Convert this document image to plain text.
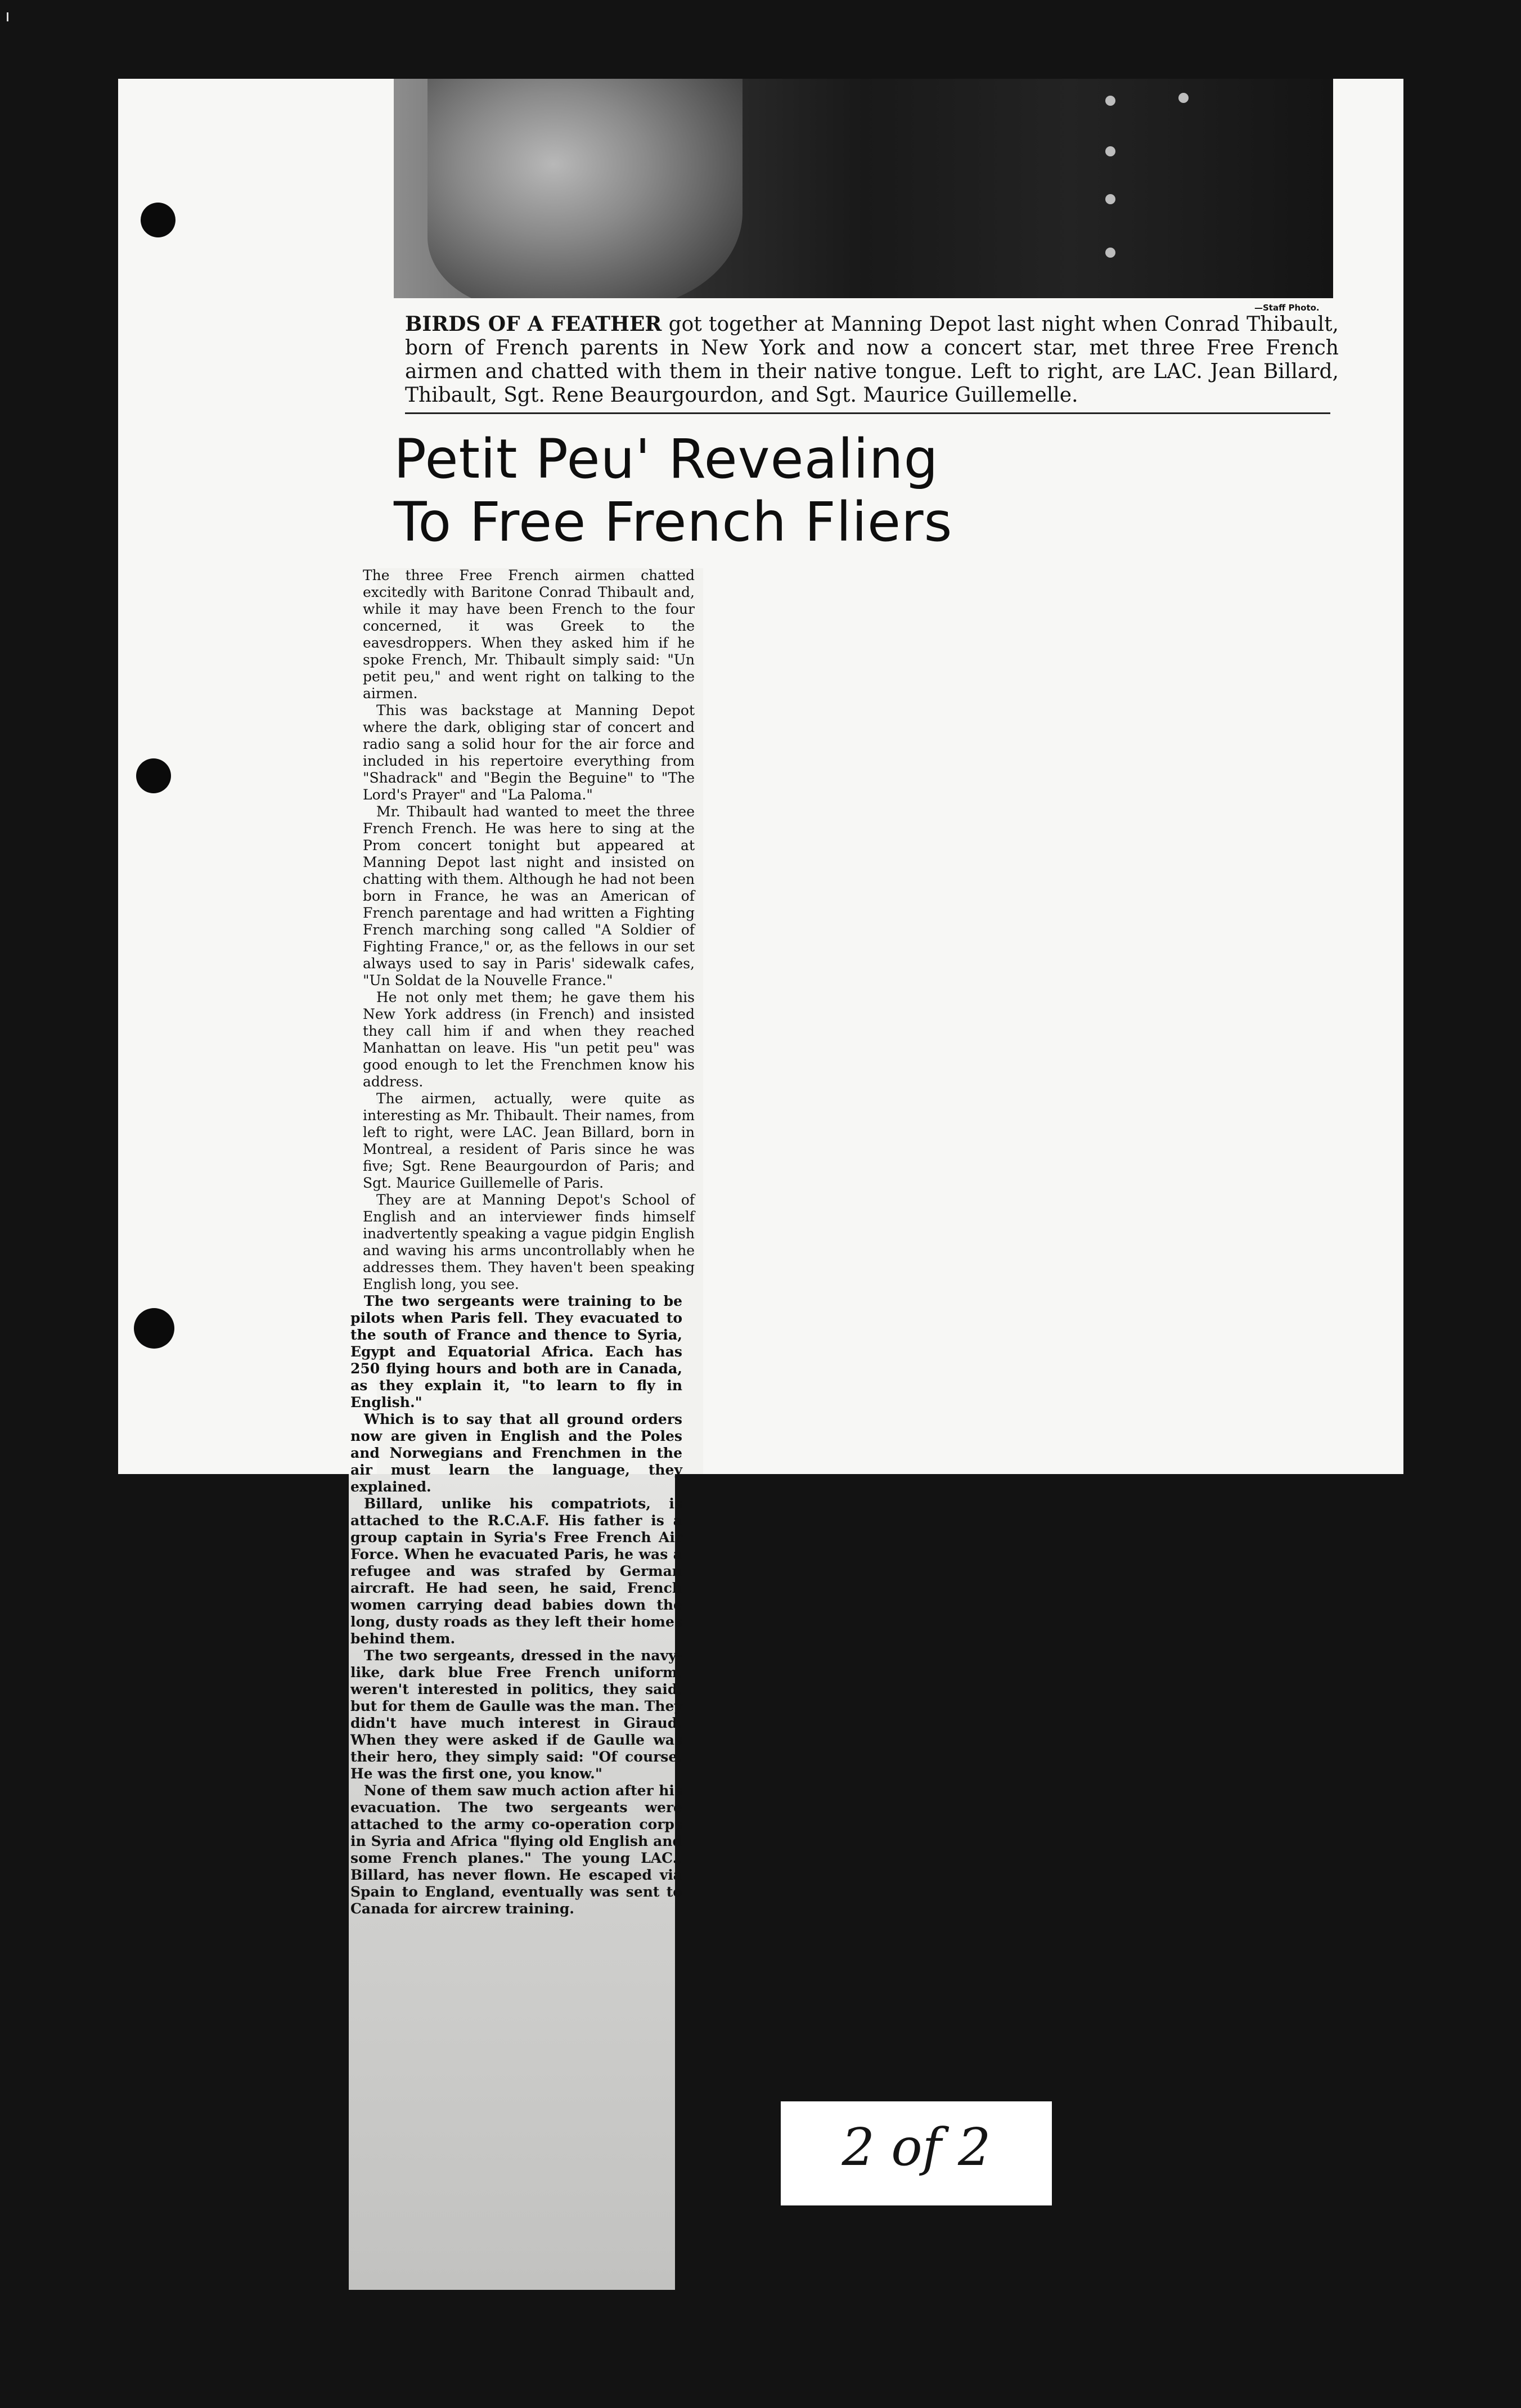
—Staff Photo.
BIRDS OF A FEATHER got together at Manning Depot last night when Conrad Thibault, born of French parents in New York and now a concert star, met three Free French airmen and chatted with them in their native tongue. Left to right, are LAC. Jean Billard, Thibault, Sgt. Rene Beaurgourdon, and Sgt. Maurice Guillemelle.
Petit Peu' Revealing
To Free French Fliers

The three Free French airmen chatted excitedly with Baritone Conrad Thibault and, while it may have been French to the four concerned, it was Greek to the eavesdroppers. When they asked him if he spoke French, Mr. Thibault simply said: "Un petit peu," and went right on talking to the airmen.

This was backstage at Manning Depot where the dark, obliging star of concert and radio sang a solid hour for the air force and included in his repertoire everything from "Shadrack" and "Begin the Beguine" to "The Lord's Prayer" and "La Paloma."

Mr. Thibault had wanted to meet the three French French. He was here to sing at the Prom concert tonight but appeared at Manning Depot last night and insisted on chatting with them. Although he had not been born in France, he was an American of French parentage and had written a Fighting French marching song called "A Soldier of Fighting France," or, as the fellows in our set always used to say in Paris' sidewalk cafes, "Un Soldat de la Nouvelle France."

He not only met them; he gave them his New York address (in French) and insisted they call him if and when they reached Manhattan on leave. His "un petit peu" was good enough to let the Frenchmen know his address.

The airmen, actually, were quite as interesting as Mr. Thibault. Their names, from left to right, were LAC. Jean Billard, born in Montreal, a resident of Paris since he was five; Sgt. Rene Beaurgourdon of Paris; and Sgt. Maurice Guillemelle of Paris.

They are at Manning Depot's School of English and an interviewer finds himself inadvertently speaking a vague pidgin English and waving his arms uncontrollably when he addresses them. They haven't been speaking English long, you see.

The two sergeants were training to be pilots when Paris fell. They evacuated to the south of France and thence to Syria, Egypt and Equatorial Africa. Each has 250 flying hours and both are in Canada, as they explain it, "to learn to fly in English."

Which is to say that all ground orders now are given in English and the Poles and Norwegians and Frenchmen in the air must learn the language, they explained.

Billard, unlike his compatriots, is attached to the R.C.A.F. His father is a group captain in Syria's Free French Air Force. When he evacuated Paris, he was a refugee and was strafed by German aircraft. He had seen, he said, French women carrying dead babies down the long, dusty roads as they left their homes behind them.

The two sergeants, dressed in the navy-like, dark blue Free French uniform, weren't interested in politics, they said, but for them de Gaulle was the man. They didn't have much interest in Giraud. When they were asked if de Gaulle was their hero, they simply said: "Of course. He was the first one, you know."

None of them saw much action after his evacuation. The two sergeants were attached to the army co-operation corps in Syria and Africa "flying old English and some French planes." The young LAC., Billard, has never flown. He escaped via Spain to England, eventually was sent to Canada for aircrew training.

2 of 2
